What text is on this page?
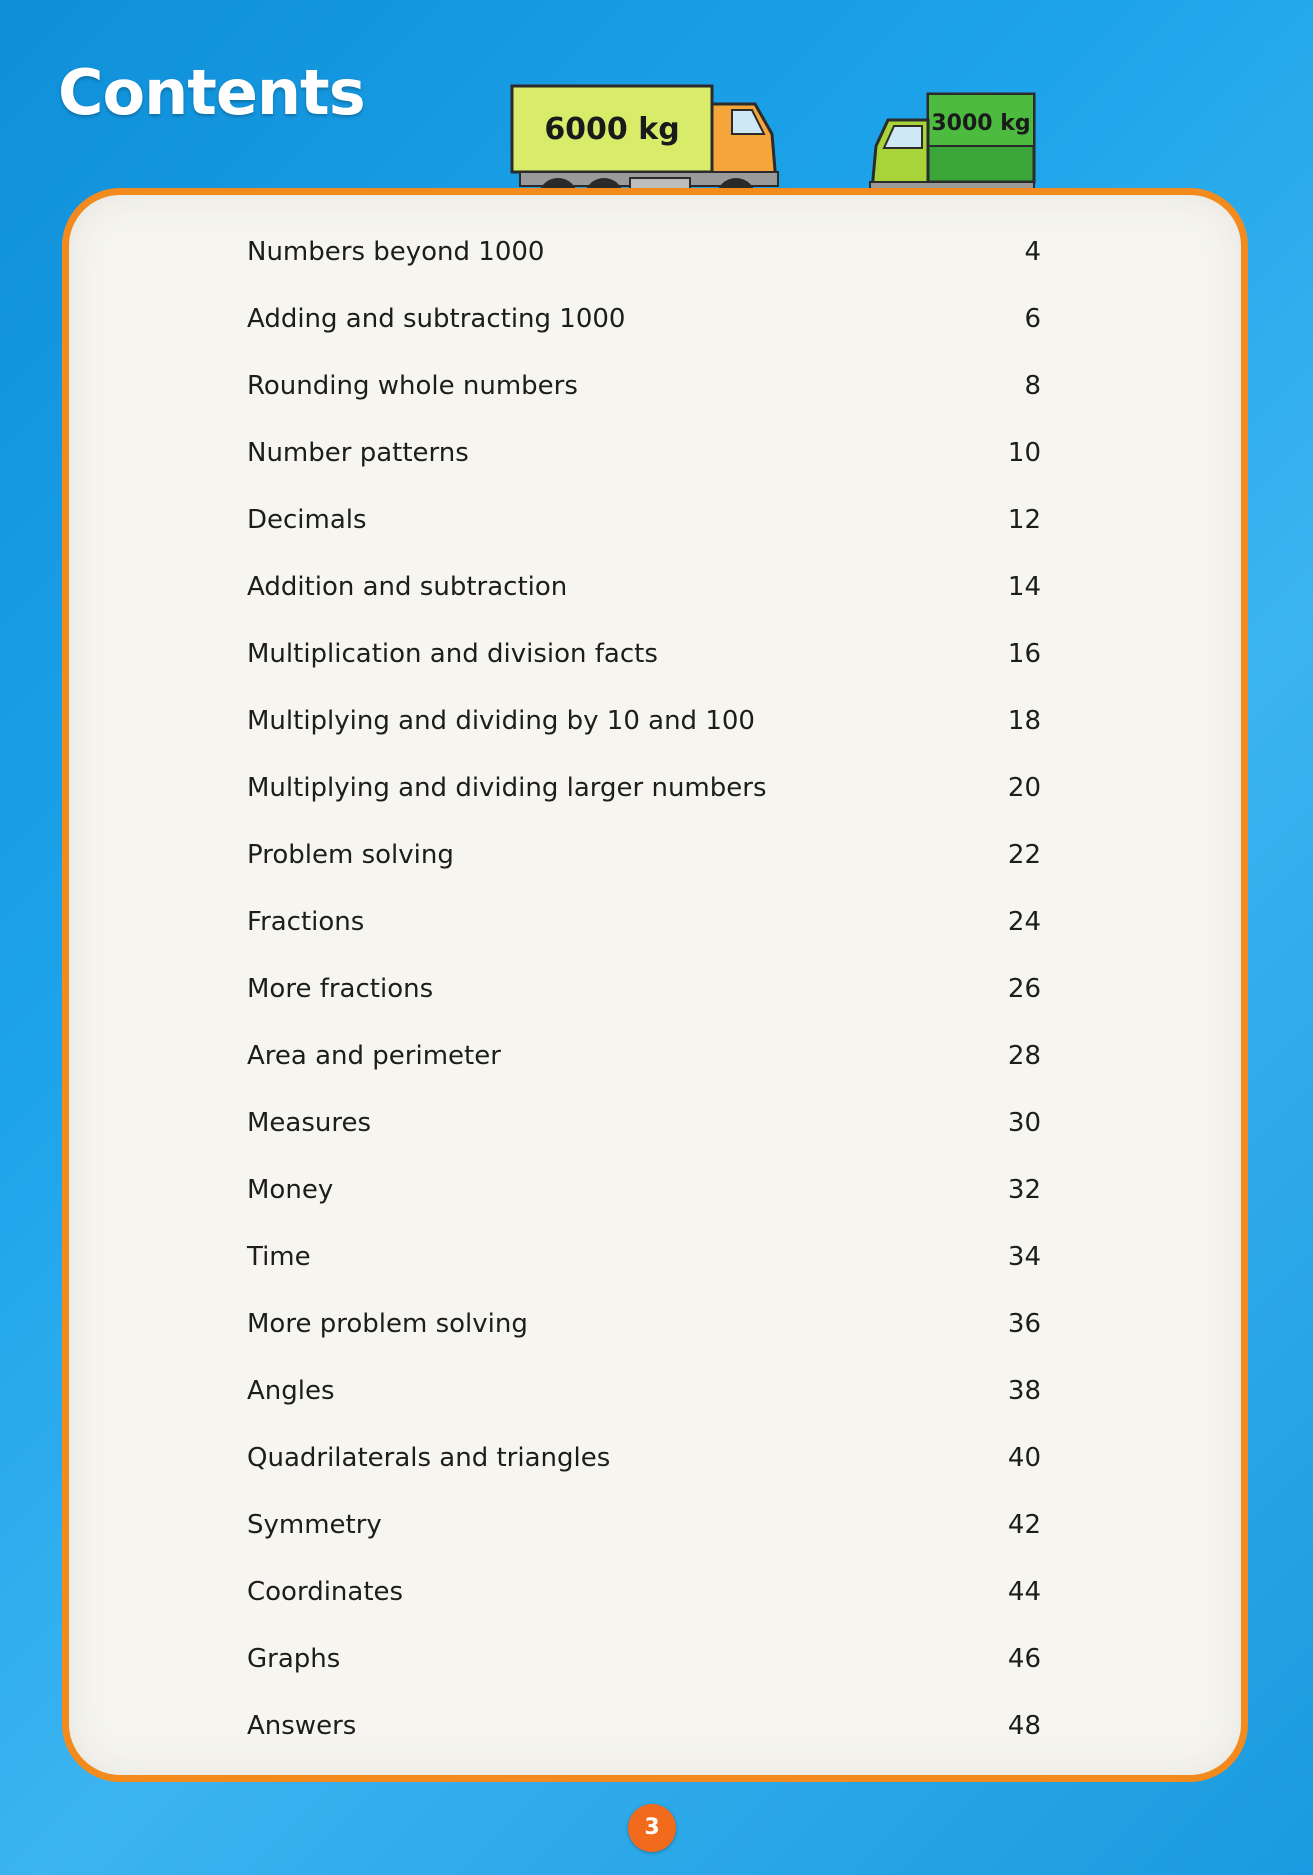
Contents
6000 kg	3000 kg
Numbers beyond 1000	4
Adding and subtracting 1000	6
Rounding whole numbers	8
Number patterns	10
Decimals	12
Addition and subtraction	14
Multiplication and division facts	16
Multiplying and dividing by 10 and 100	18
Multiplying and dividing larger numbers	20
Problem solving	22
Fractions	24
More fractions	26
Area and perimeter	28
Measures	30
Money	32
Time	34
More problem solving	36
Angles	38
Quadrilaterals and triangles	40
Symmetry	42
Coordinates	44
Graphs	46
Answers	48
3
